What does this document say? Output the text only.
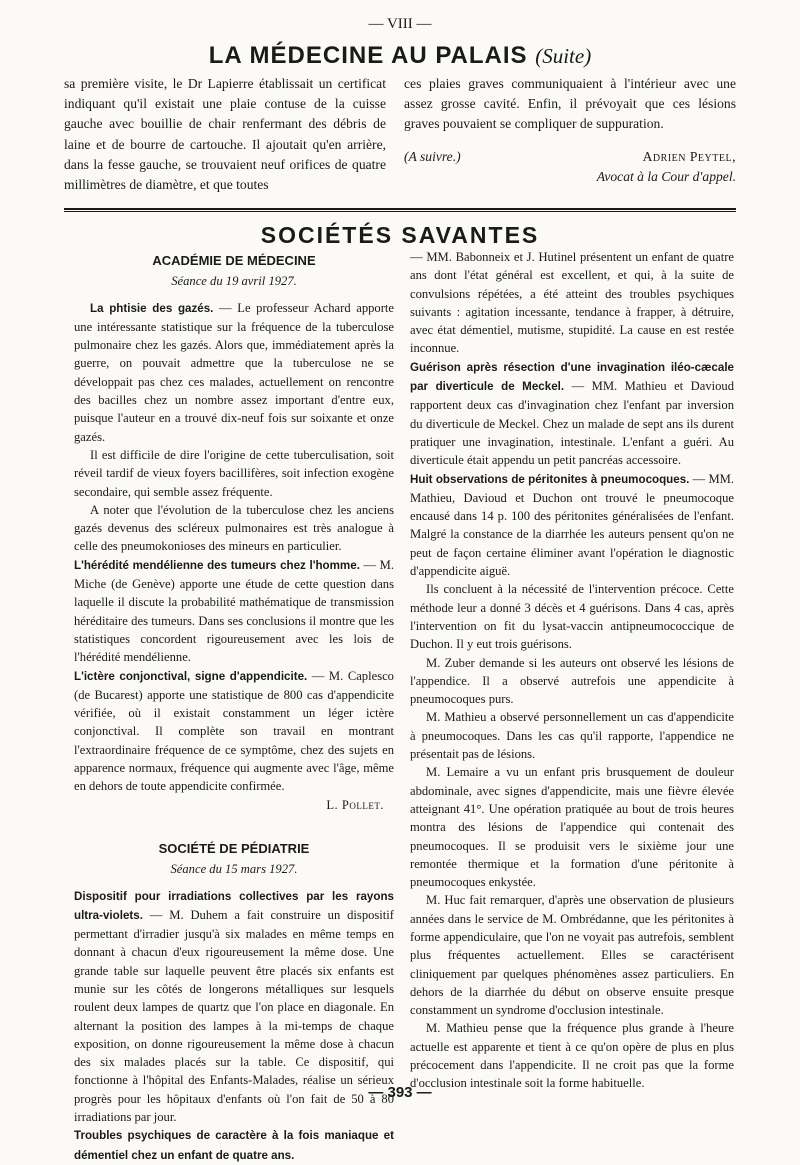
— VIII —
LA MÉDECINE AU PALAIS (Suite)

sa première visite, le Dr Lapierre établissait un certificat indiquant qu'il existait une plaie contuse de la cuisse gauche avec bouillie de chair renfermant des débris de laine et de bourre de cartouche. Il ajoutait qu'en arrière, dans la fesse gauche, se trouvaient neuf orifices de quatre millimètres de diamètre, et que toutes

ces plaies graves communiquaient à l'intérieur avec une assez grosse cavité. Enfin, il prévoyait que ces lésions graves pouvaient se compliquer de suppuration.

(A suivre.)	Adrien Peytel,
Avocat à la Cour d'appel.
SOCIÉTÉS SAVANTES
ACADÉMIE DE MÉDECINE
Séance du 19 avril 1927.

La phtisie des gazés. — Le professeur Achard apporte une intéressante statistique sur la fréquence de la tuberculose pulmonaire chez les gazés. Alors que, immédiatement après la guerre, on pouvait admettre que la tuberculose ne se développait pas chez ces malades, actuellement on rencontre des bacilles chez un nombre assez important d'entre eux, puisque l'auteur en a trouvé dix-neuf fois sur soixante et onze gazés.

Il est difficile de dire l'origine de cette tuberculisation, soit réveil tardif de vieux foyers bacillifères, soit infection exogène secondaire, qui semble assez fréquente.

A noter que l'évolution de la tuberculose chez les anciens gazés devenus des scléreux pulmonaires est très analogue à celle des pneumokonioses des mineurs en particulier.

L'hérédité mendélienne des tumeurs chez l'homme. — M. Miche (de Genève) apporte une étude de cette question dans laquelle il discute la probabilité mathématique de transmission héréditaire des tumeurs. Dans ses conclusions il montre que les statistiques concordent rigoureusement avec les lois de l'hérédité mendélienne.

L'ictère conjonctival, signe d'appendicite. — M. Caplesco (de Bucarest) apporte une statistique de 800 cas d'appendicite vérifiée, où il existait constamment un léger ictère conjonctival. Il complète son travail en montrant l'extraordinaire fréquence de ce symptôme, chez des sujets en apparence normaux, fréquence qui augmente avec l'âge, même en dehors de toute appendicite confirmée.

L. Pollet.
SOCIÉTÉ DE PÉDIATRIE
Séance du 15 mars 1927.

Dispositif pour irradiations collectives par les rayons ultra-violets. — M. Duhem a fait construire un dispositif permettant d'irradier jusqu'à six malades en même temps en donnant à chacun d'eux rigoureusement la même dose. Une grande table sur laquelle peuvent être placés six enfants est munie sur les côtés de longerons métalliques sur lesquels roulent deux lampes de quartz que l'on place en diagonale. En alternant la position des lampes à la mi-temps de chaque exposition, on donne rigoureusement la même dose à chacun des six malades placés sur la table. Ce dispositif, qui fonctionne à l'hôpital des Enfants-Malades, réalise un sérieux progrès pour les hôpitaux d'enfants où l'on fait de 50 à 80 irradiations par jour.

Troubles psychiques de caractère à la fois maniaque et démentiel chez un enfant de quatre ans.

— MM. Babonneix et J. Hutinel présentent un enfant de quatre ans dont l'état général est excellent, et qui, à la suite de convulsions répétées, a été atteint des troubles psychiques suivants : agitation incessante, tendance à frapper, à détruire, avec état démentiel, mutisme, stupidité. La cause en est restée inconnue.

Guérison après résection d'une invagination iléo-cæcale par diverticule de Meckel. — MM. Mathieu et Davioud rapportent deux cas d'invagination chez l'enfant par inversion du diverticule de Meckel. Chez un malade de sept ans ils durent pratiquer une invagination, intestinale. L'enfant a guéri. Au diverticule était appendu un petit pancréas accessoire.

Huit observations de péritonites à pneumocoques. — MM. Mathieu, Davioud et Duchon ont trouvé le pneumocoque encausé dans 14 p. 100 des péritonites généralisées de l'enfant. Malgré la constance de la diarrhée les auteurs pensent qu'on ne peut de façon certaine éliminer avant l'opération le diagnostic d'appendicite aiguë.

Ils concluent à la nécessité de l'intervention précoce. Cette méthode leur a donné 3 décès et 4 guérisons. Dans 4 cas, après l'intervention on fit du lysat-vaccin antipneumococcique de Duchon. Il y eut trois guérisons.

M. Zuber demande si les auteurs ont observé les lésions de l'appendice. Il a observé autrefois une appendicite à pneumocoques purs.

M. Mathieu a observé personnellement un cas d'appendicite à pneumocoques. Dans les cas qu'il rapporte, l'appendice ne présentait pas de lésions.

M. Lemaire a vu un enfant pris brusquement de douleur abdominale, avec signes d'appendicite, mais une fièvre élevée atteignant 41°. Une opération pratiquée au bout de trois heures montra des lésions de l'appendice qui contenait des pneumocoques. Il se produisit vers le sixième jour une remontée thermique et la formation d'une péritonite à pneumocoques enkystée.

M. Huc fait remarquer, d'après une observation de plusieurs années dans le service de M. Ombrédanne, que les péritonites à forme appendiculaire, que l'on ne voyait pas autrefois, semblent plus fréquentes actuellement. Elles se caractérisent cliniquement par quelques phénomènes assez particuliers. En dehors de la diarrhée du début on observe ensuite presque constamment un syndrome d'occlusion intestinale.

M. Mathieu pense que la fréquence plus grande à l'heure actuelle est apparente et tient à ce qu'on opère de plus en plus précocement dans l'appendicite. Il ne croit pas que la forme d'occlusion intestinale soit la forme habituelle.

— 393 —
